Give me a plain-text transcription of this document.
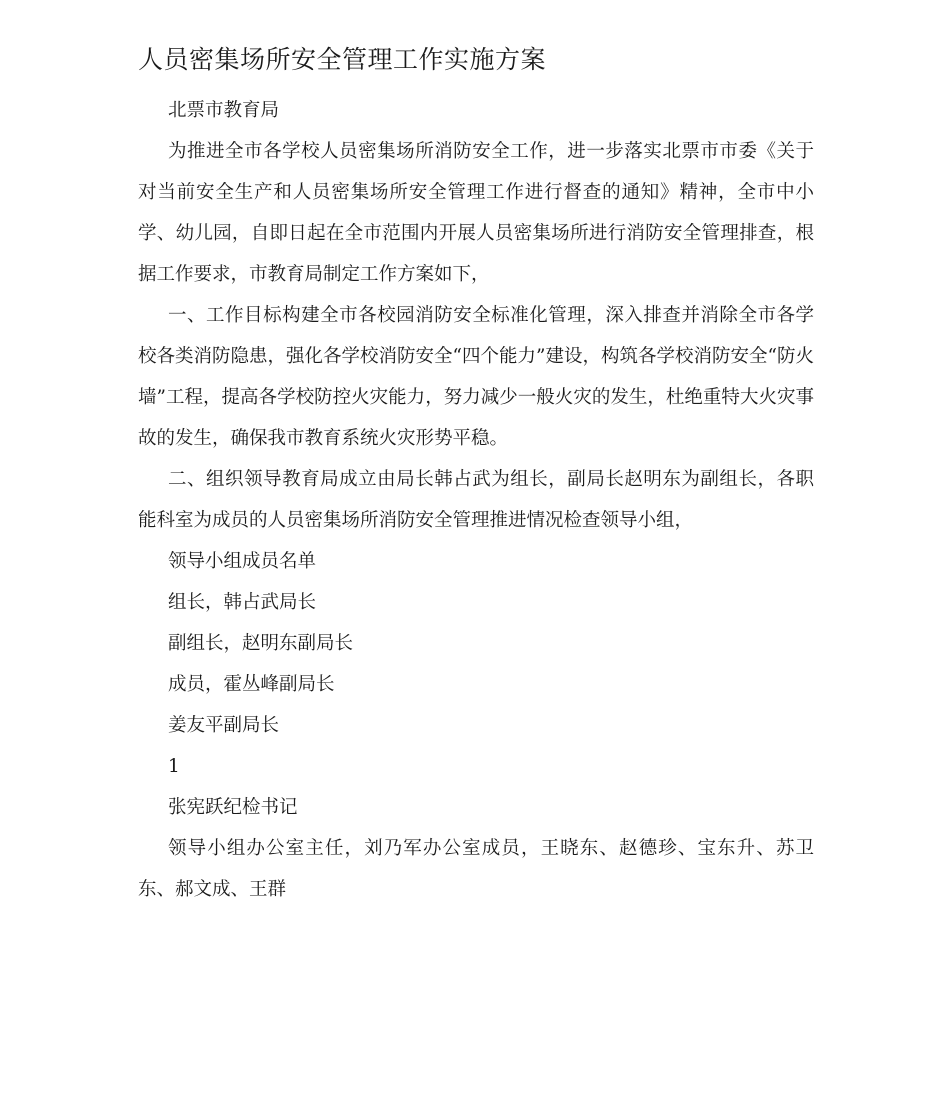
人员密集场所安全管理工作实施方案

北票市教育局

为推进全市各学校人员密集场所消防安全工作，进一步落实北票市市委《关于对当前安全生产和人员密集场所安全管理工作进行督查的通知》精神，全市中小学、幼儿园，自即日起在全市范围内开展人员密集场所进行消防安全管理排查，根据工作要求，市教育局制定工作方案如下，

一、工作目标构建全市各校园消防安全标准化管理，深入排查并消除全市各学校各类消防隐患，强化各学校消防安全“四个能力”建设，构筑各学校消防安全“防火墙”工程，提高各学校防控火灾能力，努力减少一般火灾的发生，杜绝重特大火灾事故的发生，确保我市教育系统火灾形势平稳。

二、组织领导教育局成立由局长韩占武为组长，副局长赵明东为副组长，各职能科室为成员的人员密集场所消防安全管理推进情况检查领导小组，

领导小组成员名单

组长，韩占武局长

副组长，赵明东副局长

成员，霍丛峰副局长

姜友平副局长

1

张宪跃纪检书记

领导小组办公室主任，刘乃军办公室成员，王晓东、赵德珍、宝东升、苏卫东、郝文成、王群
